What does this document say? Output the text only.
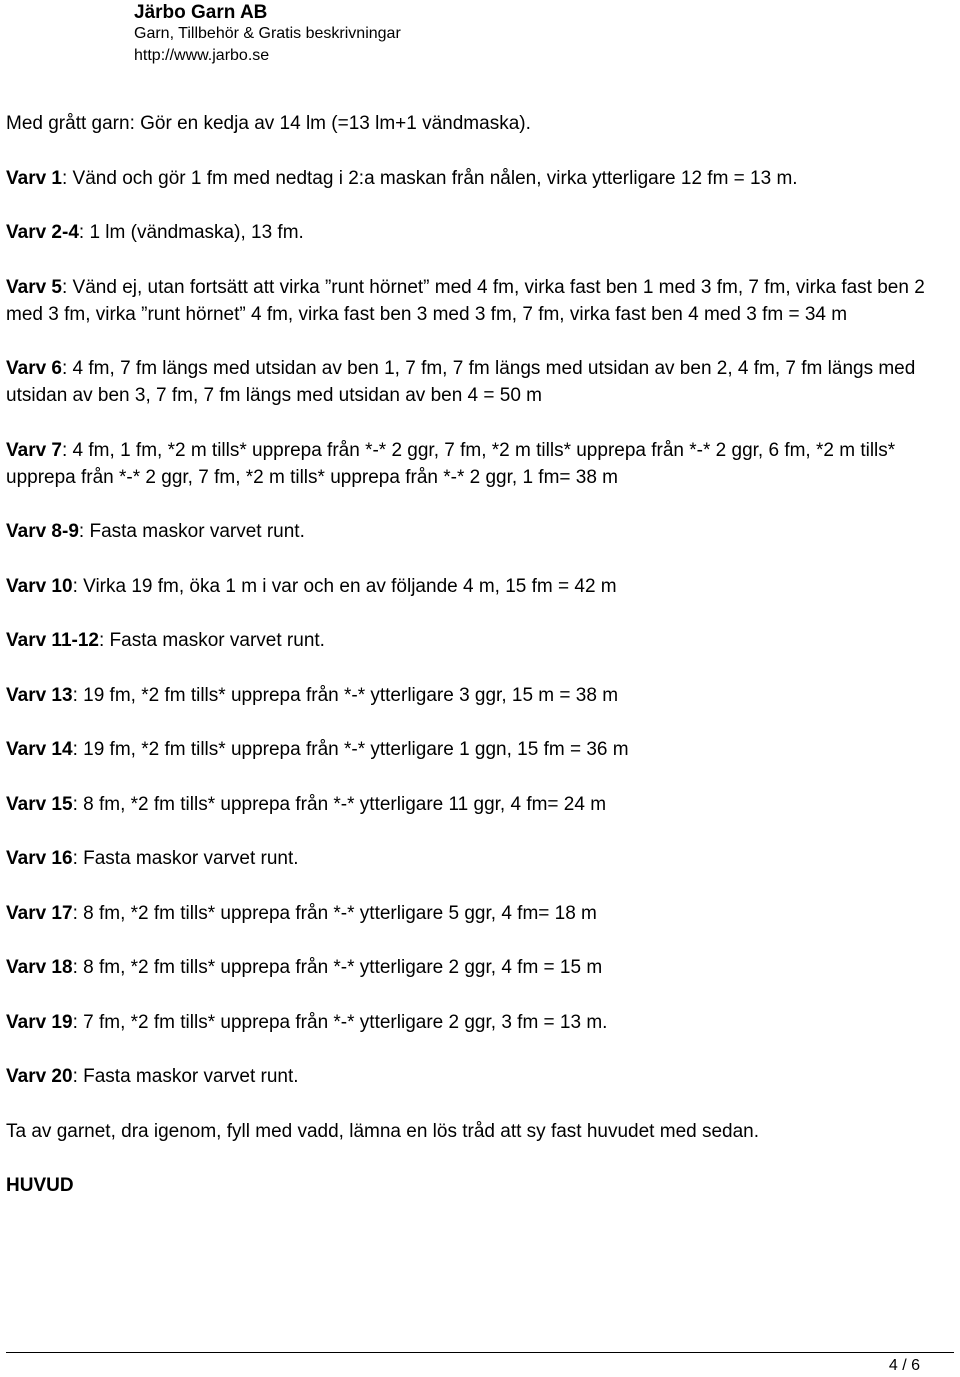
Järbo Garn AB
Garn, Tillbehör & Gratis beskrivningar
http://www.jarbo.se

Med grått garn: Gör en kedja av 14 lm (=13 lm+1 vändmaska).

Varv 1: Vänd och gör 1 fm med nedtag i 2:a maskan från nålen, virka ytterligare 12 fm = 13 m.

Varv 2-4: 1 lm (vändmaska), 13 fm.

Varv 5: Vänd ej, utan fortsätt att virka ”runt hörnet” med 4 fm, virka fast ben 1 med 3 fm, 7 fm, virka fast ben 2 med 3 fm, virka ”runt hörnet” 4 fm, virka fast ben 3 med 3 fm, 7 fm, virka fast ben 4 med 3 fm = 34 m

Varv 6: 4 fm, 7 fm längs med utsidan av ben 1, 7 fm, 7 fm längs med utsidan av ben 2, 4 fm, 7 fm längs med utsidan av ben 3, 7 fm, 7 fm längs med utsidan av ben 4 = 50 m

Varv 7: 4 fm, 1 fm, *2 m tills* upprepa från *-* 2 ggr, 7 fm, *2 m tills* upprepa från *-* 2 ggr, 6 fm, *2 m tills* upprepa från *-* 2 ggr, 7 fm, *2 m tills* upprepa från *-* 2 ggr, 1 fm= 38 m

Varv 8-9: Fasta maskor varvet runt.

Varv 10: Virka 19 fm, öka 1 m i var och en av följande 4 m, 15 fm = 42 m

Varv 11-12: Fasta maskor varvet runt.

Varv 13: 19 fm, *2 fm tills* upprepa från *-* ytterligare 3 ggr, 15 m = 38 m

Varv 14: 19 fm, *2 fm tills* upprepa från *-* ytterligare 1 ggn, 15 fm = 36 m

Varv 15: 8 fm, *2 fm tills* upprepa från *-* ytterligare 11 ggr, 4 fm= 24 m

Varv 16: Fasta maskor varvet runt.

Varv 17: 8 fm, *2 fm tills* upprepa från *-* ytterligare 5 ggr, 4 fm= 18 m

Varv 18: 8 fm, *2 fm tills* upprepa från *-* ytterligare 2 ggr, 4 fm = 15 m

Varv 19: 7 fm, *2 fm tills* upprepa från *-* ytterligare 2 ggr, 3 fm = 13 m.

Varv 20: Fasta maskor varvet runt.

Ta av garnet, dra igenom, fyll med vadd, lämna en lös tråd att sy fast huvudet med sedan.

HUVUD

4 / 6
